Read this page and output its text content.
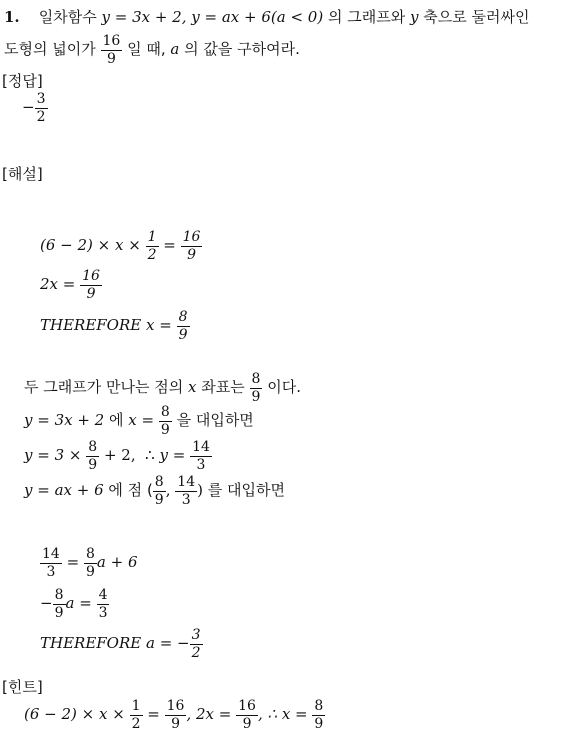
1. 일차함수 y = 3x + 2, y = ax + 6(a < 0) 의 그래프와 y 축으로 둘러싸인
도형의 넓이가 $\frac{16}{9}$ 일 때, a 의 값을 구하여라.
[정답]
− $\frac{3}{2}$
[해설]
$(6 - 2) \times x \times \frac{1}{2} = \frac{16}{9}$
$2x = \frac{16}{9}$
THEREFORE $x = \frac{8}{9}$
두 그래프가 만나는 점의 x 좌표는 $\frac{8}{9}$ 이다.
y = 3x + 2 에 $x = \frac{8}{9}$ 을 대입하면
$y = 3 \times \frac{8}{9} + 2$, ∴ $y = \frac{14}{3}$
y = ax + 6 에 점 ( $\frac{8}{9}$ , $\frac{14}{3}$ ) 를 대입하면
$\frac{14}{3} = \frac{8}{9}$ a + 6
− $\frac{8}{9}$ $a = \frac{4}{3}$
THEREFORE a = − $\frac{3}{2}$
[힌트]
$(6 - 2) \times x \times \frac{1}{2} = \frac{16}{9}$ , $2x = \frac{16}{9}$ , ∴ $x = \frac{8}{9}$
